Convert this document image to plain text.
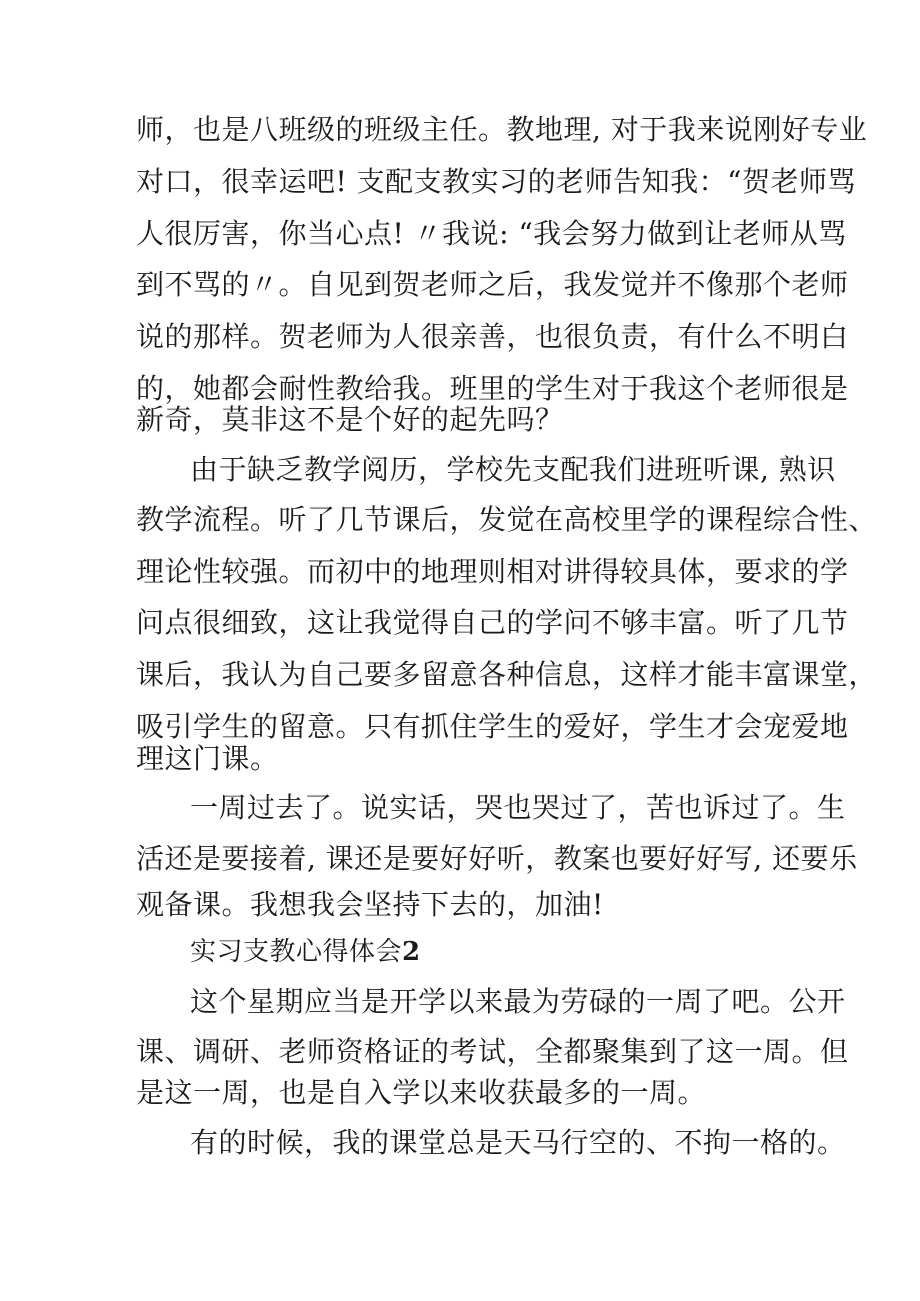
师，也是八班级的班级主任。教地理, 对于我来说刚好专业
对口，很幸运吧! 支配支教实习的老师告知我：“贺老师骂
人很厉害，你当心点! 〃我说: “我会努力做到让老师从骂
到不骂的〃。自见到贺老师之后，我发觉并不像那个老师
说的那样。贺老师为人很亲善，也很负责，有什么不明白
的，她都会耐性教给我。班里的学生对于我这个老师很是
新奇，莫非这不是个好的起先吗？
由于缺乏教学阅历，学校先支配我们进班听课, 熟识
教学流程。听了几节课后，发觉在高校里学的课程综合性、
理论性较强。而初中的地理则相对讲得较具体，要求的学
问点很细致，这让我觉得自己的学问不够丰富。听了几节
课后，我认为自己要多留意各种信息，这样才能丰富课堂，
吸引学生的留意。只有抓住学生的爱好，学生才会宠爱地
理这门课。
一周过去了。说实话，哭也哭过了，苦也诉过了。生
活还是要接着, 课还是要好好听，教案也要好好写, 还要乐
观备课。我想我会坚持下去的，加油!
实习支教心得体会2
这个星期应当是开学以来最为劳碌的一周了吧。公开
课、调研、老师资格证的考试，全都聚集到了这一周。但
是这一周，也是自入学以来收获最多的一周。
有的时候，我的课堂总是天马行空的、不拘一格的。
